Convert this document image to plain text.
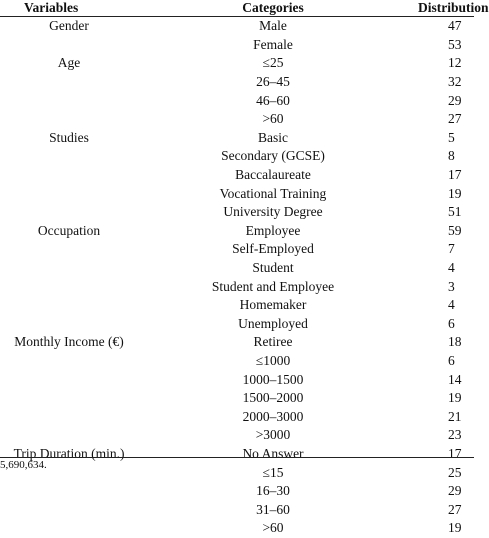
Variables	Categories	Distribution
Gender	Male	47
	Female	53
Age	≤25	12
	26–45	32
	46–60	29
	>60	27
Studies	Basic	5
	Secondary (GCSE)	8
	Baccalaureate	17
	Vocational Training	19
	University Degree	51
Occupation	Employee	59
	Self-Employed	7
	Student	4
	Student and Employee	3
	Homemaker	4
	Unemployed	6
Monthly Income (€)	Retiree	18
	≤1000	6
	1000–1500	14
	1500–2000	19
	2000–3000	21
	>3000	23
Trip Duration (min.)	No Answer	17
	≤15	25
	16–30	29
	31–60	27
	>60	19
5,690,634.
